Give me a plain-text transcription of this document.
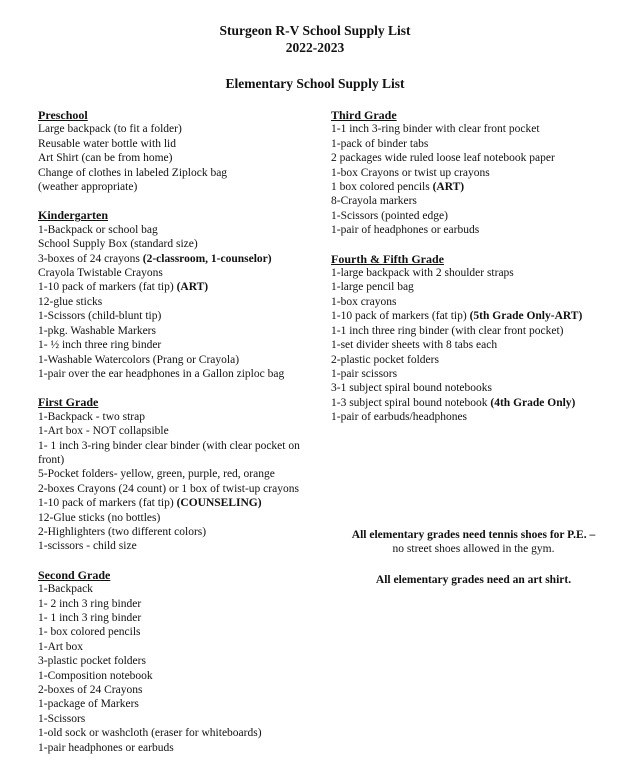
Sturgeon R-V School Supply List
2022-2023
Elementary School Supply List
Preschool
Large backpack (to fit a folder)
Reusable water bottle with lid
Art Shirt (can be from home)
Change of clothes in labeled Ziplock bag
(weather appropriate)
Kindergarten
1-Backpack or school bag
School Supply Box (standard size)
3-boxes of 24 crayons (2-classroom, 1-counselor)
Crayola Twistable Crayons
1-10 pack of markers (fat tip) (ART)
12-glue sticks
1-Scissors (child-blunt tip)
1-pkg. Washable Markers
1- ½ inch three ring binder
1-Washable Watercolors (Prang or Crayola)
1-pair over the ear headphones in a Gallon ziploc bag
First Grade
1-Backpack - two strap
1-Art box - NOT collapsible
1- 1 inch 3-ring binder clear binder (with clear pocket on front)
5-Pocket folders- yellow, green, purple, red, orange
2-boxes Crayons (24 count) or 1 box of twist-up crayons
1-10 pack of markers (fat tip) (COUNSELING)
12-Glue sticks (no bottles)
2-Highlighters (two different colors)
1-scissors - child size
Second Grade
1-Backpack
1- 2 inch 3 ring binder
1- 1 inch 3 ring binder
1- box colored pencils
1-Art box
3-plastic pocket folders
1-Composition notebook
2-boxes of 24 Crayons
1-package of Markers
1-Scissors
1-old sock or washcloth (eraser for whiteboards)
1-pair headphones or earbuds
Third Grade
1-1 inch 3-ring binder with clear front pocket
1-pack of binder tabs
2 packages wide ruled loose leaf notebook paper
1-box Crayons or twist up crayons
1 box colored pencils (ART)
8-Crayola markers
1-Scissors (pointed edge)
1-pair of headphones or earbuds
Fourth & Fifth Grade
1-large backpack with 2 shoulder straps
1-large pencil bag
1-box crayons
1-10 pack of markers (fat tip) (5th Grade Only-ART)
1-1 inch three ring binder (with clear front pocket)
1-set divider sheets with 8 tabs each
2-plastic pocket folders
1-pair scissors
3-1 subject spiral bound notebooks
1-3 subject spiral bound notebook (4th Grade Only)
1-pair of earbuds/headphones
All elementary grades need tennis shoes for P.E. –
no street shoes allowed in the gym.
All elementary grades need an art shirt.
